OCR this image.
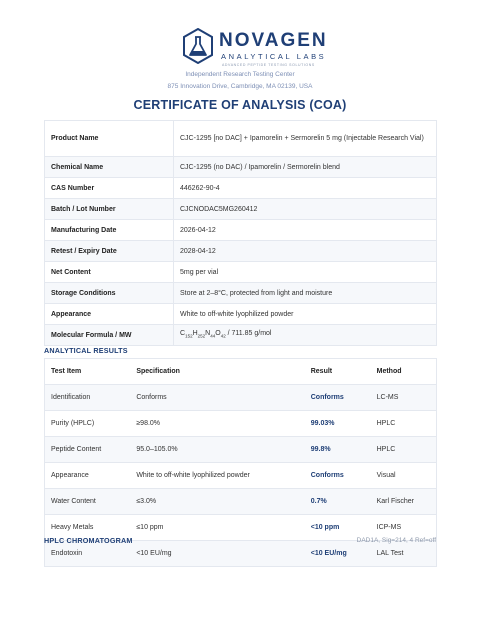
NOVAGEN
ANALYTICAL LABS
ADVANCED PEPTIDE TESTING SOLUTIONS
Independent Research Testing Center
875 Innovation Drive, Cambridge, MA 02139, USA
CERTIFICATE OF ANALYSIS (COA)
Product Name	CJC-1295 [no DAC] + Ipamorelin + Sermorelin 5 mg (Injectable Research Vial)
Chemical Name	CJC-1295 (no DAC) / Ipamorelin / Sermorelin blend
CAS Number	446262-90-4
Batch / Lot Number	CJCNODAC5MG260412
Manufacturing Date	2026-04-12
Retest / Expiry Date	2028-04-12
Net Content	5mg per vial
Storage Conditions	Store at 2–8°C, protected from light and moisture
Appearance	White to off-white lyophilized powder
Molecular Formula / MW	$C_{152}H_{252}N_{44}O_{42} / 711.85$ g/mol
ANALYTICAL RESULTS
Test Item	Specification	Result	Method
Identification	Conforms	Conforms	LC-MS
Purity (HPLC)	≥98.0%	99.03%	HPLC
Peptide Content	95.0–105.0%	99.8%	HPLC
Appearance	White to off-white lyophilized powder	Conforms	Visual
Water Content	≤3.0%	0.7%	Karl Fischer
Heavy Metals	≤10 ppm	<10 ppm	ICP-MS
Endotoxin	<10 EU/mg	<10 EU/mg	LAL Test
HPLC CHROMATOGRAM	DAD1A, Sig=214, 4 Ref=off
